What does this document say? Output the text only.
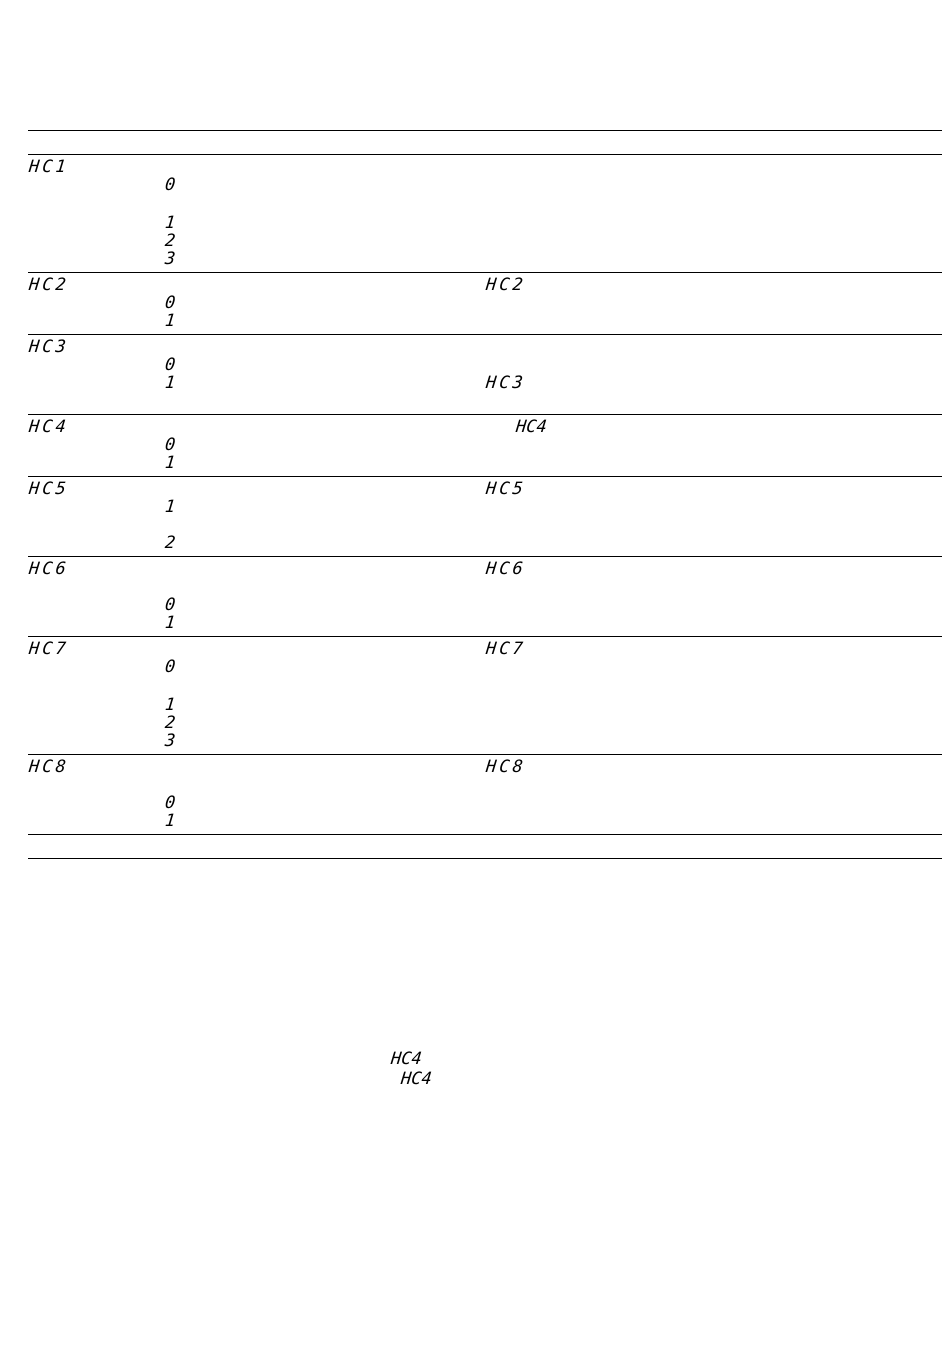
HC1
0
1
2
3
HC2
0
1
HC2
HC3
0
1	HC3
HC4
0
1
HC4
HC5
1
2
HC5
HC6
0
1
HC6
HC7
0
1
2
3
HC7
HC8
0
1
HC8
HC4
HC4
